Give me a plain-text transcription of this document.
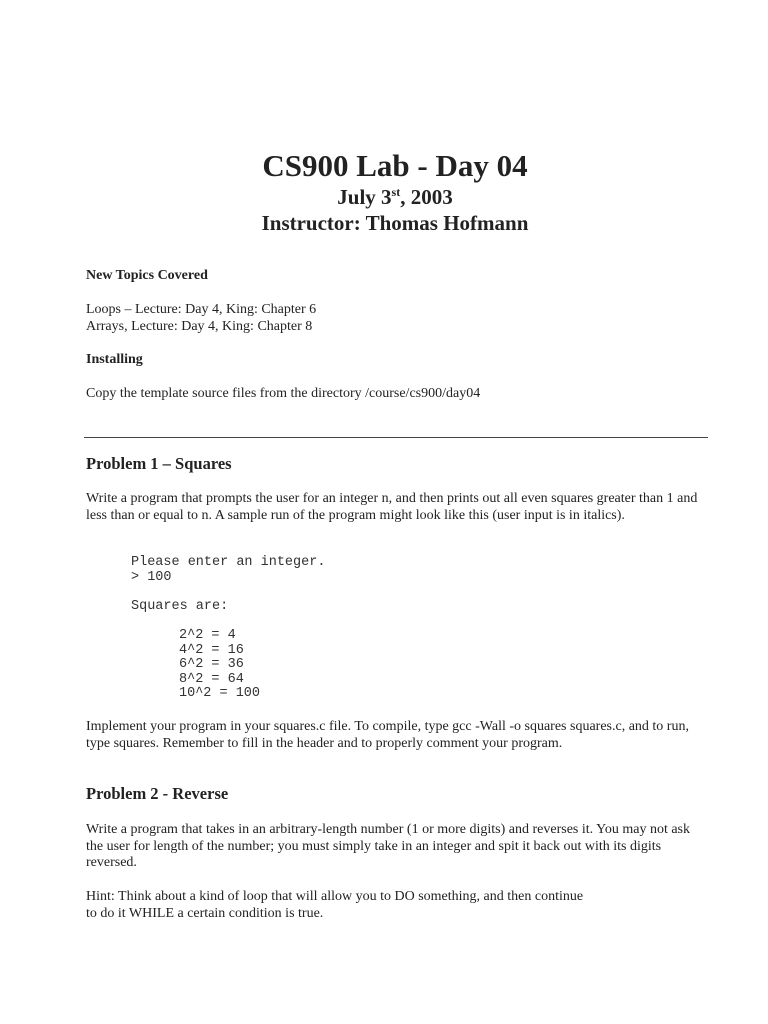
CS900 Lab - Day 04

July 3st, 2003

Instructor: Thomas Hofmann

New Topics Covered

Loops – Lecture: Day 4, King: Chapter 6

Arrays, Lecture: Day 4, King: Chapter 8

Installing

Copy the template source files from the directory /course/cs900/day04

Problem 1 – Squares

Write a program that prompts the user for an integer n, and then prints out all even squares greater than 1 and less than or equal to n. A sample run of the program might look like this (user input is in italics).

Please enter an integer.
> 100
Squares are:
2^2 = 4
4^2 = 16
6^2 = 36
8^2 = 64
10^2 = 100

Implement your program in your squares.c file. To compile, type gcc -Wall -o squares squares.c, and to run, type squares. Remember to fill in the header and to properly comment your program.

Problem 2 - Reverse

Write a program that takes in an arbitrary-length number (1 or more digits) and reverses it. You may not ask the user for length of the number; you must simply take in an integer and spit it back out with its digits reversed.

Hint: Think about a kind of loop that will allow you to DO something, and then continue

to do it WHILE a certain condition is true.
